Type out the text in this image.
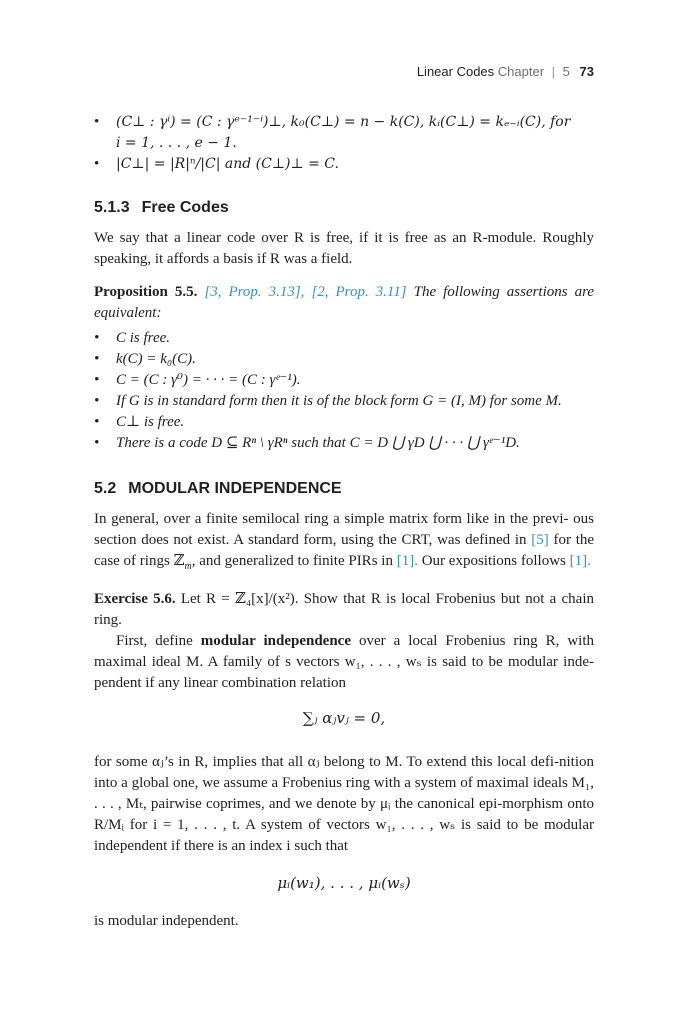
Linear Codes Chapter | 5 73
• (C⊥ : γⁱ) = (C : γᵉ⁻¹⁻ⁱ)⊥, k₀(C⊥) = n − k(C), kᵢ(C⊥) = kₑ₋ᵢ(C), for
i = 1, . . . , e − 1.
• |C⊥| = |R|ⁿ/|C| and (C⊥)⊥ = C.
5.1.3 Free Codes

We say that a linear code over R is free, if it is free as an R-module. Roughly speaking, it affords a basis if R was a field.

Proposition 5.5. [3, Prop. 3.13], [2, Prop. 3.11] The following assertions are equivalent:

• C is free.
• k(C) = k₀(C).
• C = (C : γ⁰) = · · · = (C : γᵉ⁻¹).
• If G is in standard form then it is of the block form G = (I, M) for some M.
• C⊥ is free.
• There is a code D ⊆ Rⁿ \ γRⁿ such that C = D ⋃ γD ⋃ · · · ⋃ γᵉ⁻¹D.
5.2 MODULAR INDEPENDENCE

In general, over a finite semilocal ring a simple matrix form like in the previ- ous section does not exist. A standard form, using the CRT, was defined in [5] for the case of rings ℤ$_m$, and generalized to finite PIRs in [1]. Our expositions follows [1].

Exercise 5.6. Let R = ℤ₄[x]/(x²). Show that R is local Frobenius but not a chain ring.

First, define modular independence over a local Frobenius ring R, with maximal ideal M. A family of s vectors w₁, . . . , wₛ is said to be modular inde-pendent if any linear combination relation

∑ⱼ αⱼvⱼ = 0,

for some αⱼ’s in R, implies that all αⱼ belong to M. To extend this local defi-nition into a global one, we assume a Frobenius ring with a system of maximal ideals M₁, . . . , Mₜ, pairwise coprimes, and we denote by μᵢ the canonical epi-morphism onto R/Mᵢ for i = 1, . . . , t. A system of vectors w₁, . . . , wₛ is said to be modular independent if there is an index i such that

μᵢ(w₁), . . . , μᵢ(wₛ)

is modular independent.
